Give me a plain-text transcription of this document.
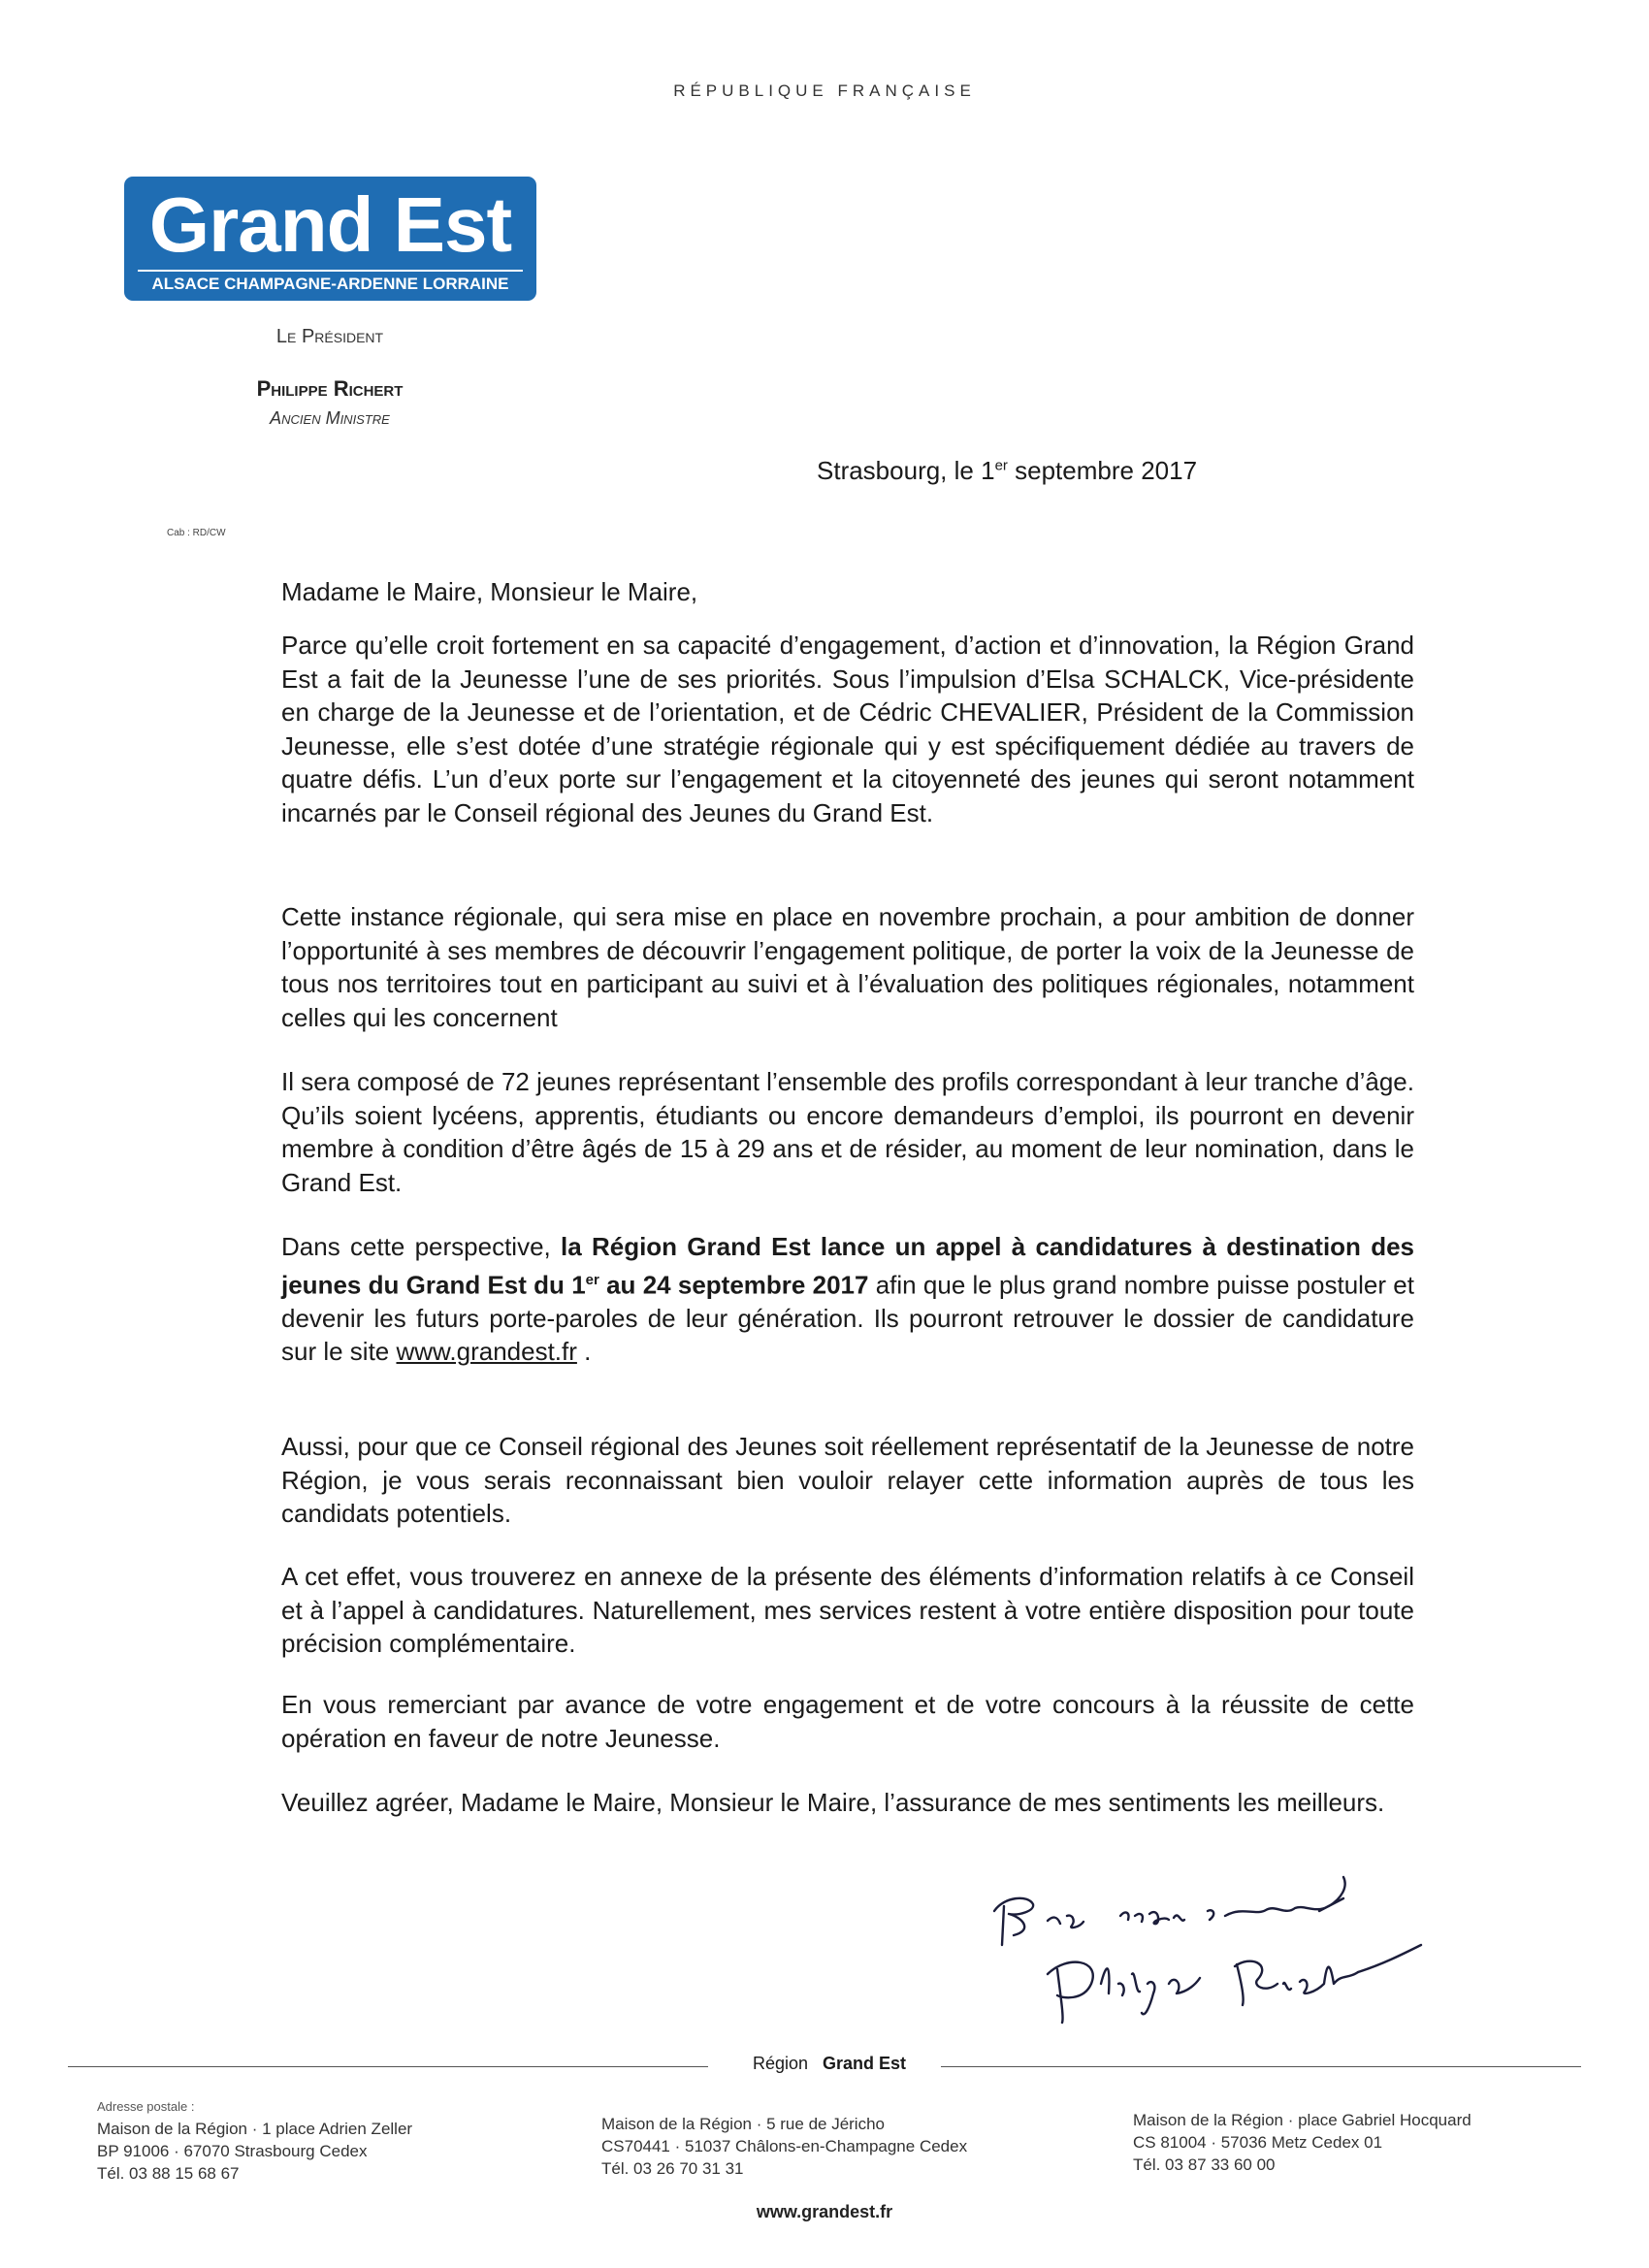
RÉPUBLIQUE FRANÇAISE
Grand Est
ALSACE CHAMPAGNE-ARDENNE LORRAINE
Le Président
Philippe Richert
Ancien Ministre
Strasbourg, le 1er septembre 2017
Cab : RD/CW
Madame le Maire, Monsieur le Maire,
Parce qu’elle croit fortement en sa capacité d’engagement, d’action et d’innovation, la Région Grand Est a fait de la Jeunesse l’une de ses priorités. Sous l’impulsion d’Elsa SCHALCK, Vice-présidente en charge de la Jeunesse et de l’orientation, et de Cédric CHEVALIER, Président de la Commission Jeunesse, elle s’est dotée d’une stratégie régionale qui y est spécifiquement dédiée au travers de quatre défis. L’un d’eux porte sur l’engagement et la citoyenneté des jeunes qui seront notamment incarnés par le Conseil régional des Jeunes du Grand Est.
Cette instance régionale, qui sera mise en place en novembre prochain, a pour ambition de donner l’opportunité à ses membres de découvrir l’engagement politique, de porter la voix de la Jeunesse de tous nos territoires tout en participant au suivi et à l’évaluation des politiques régionales, notamment celles qui les concernent
Il sera composé de 72 jeunes représentant l’ensemble des profils correspondant à leur tranche d’âge. Qu’ils soient lycéens, apprentis, étudiants ou encore demandeurs d’emploi, ils pourront en devenir membre à condition d’être âgés de 15 à 29 ans et de résider, au moment de leur nomination, dans le Grand Est.
Dans cette perspective, la Région Grand Est lance un appel à candidatures à destination des jeunes du Grand Est du 1er au 24 septembre 2017 afin que le plus grand nombre puisse postuler et devenir les futurs porte-paroles de leur génération. Ils pourront retrouver le dossier de candidature sur le site www.grandest.fr .
Aussi, pour que ce Conseil régional des Jeunes soit réellement représentatif de la Jeunesse de notre Région, je vous serais reconnaissant bien vouloir relayer cette information auprès de tous les candidats potentiels.
A cet effet, vous trouverez en annexe de la présente des éléments d’information relatifs à ce Conseil et à l’appel à candidatures. Naturellement, mes services restent à votre entière disposition pour toute précision complémentaire.
En vous remerciant par avance de votre engagement et de votre concours à la réussite de cette opération en faveur de notre Jeunesse.
Veuillez agréer, Madame le Maire, Monsieur le Maire, l’assurance de mes sentiments les meilleurs.
Région Grand Est
Adresse postale :
Maison de la Région · 1 place Adrien Zeller
BP 91006 · 67070 Strasbourg Cedex
Tél. 03 88 15 68 67
Maison de la Région · 5 rue de Jéricho
CS70441 · 51037 Châlons-en-Champagne Cedex
Tél. 03 26 70 31 31
Maison de la Région · place Gabriel Hocquard
CS 81004 · 57036 Metz Cedex 01
Tél. 03 87 33 60 00
www.grandest.fr
